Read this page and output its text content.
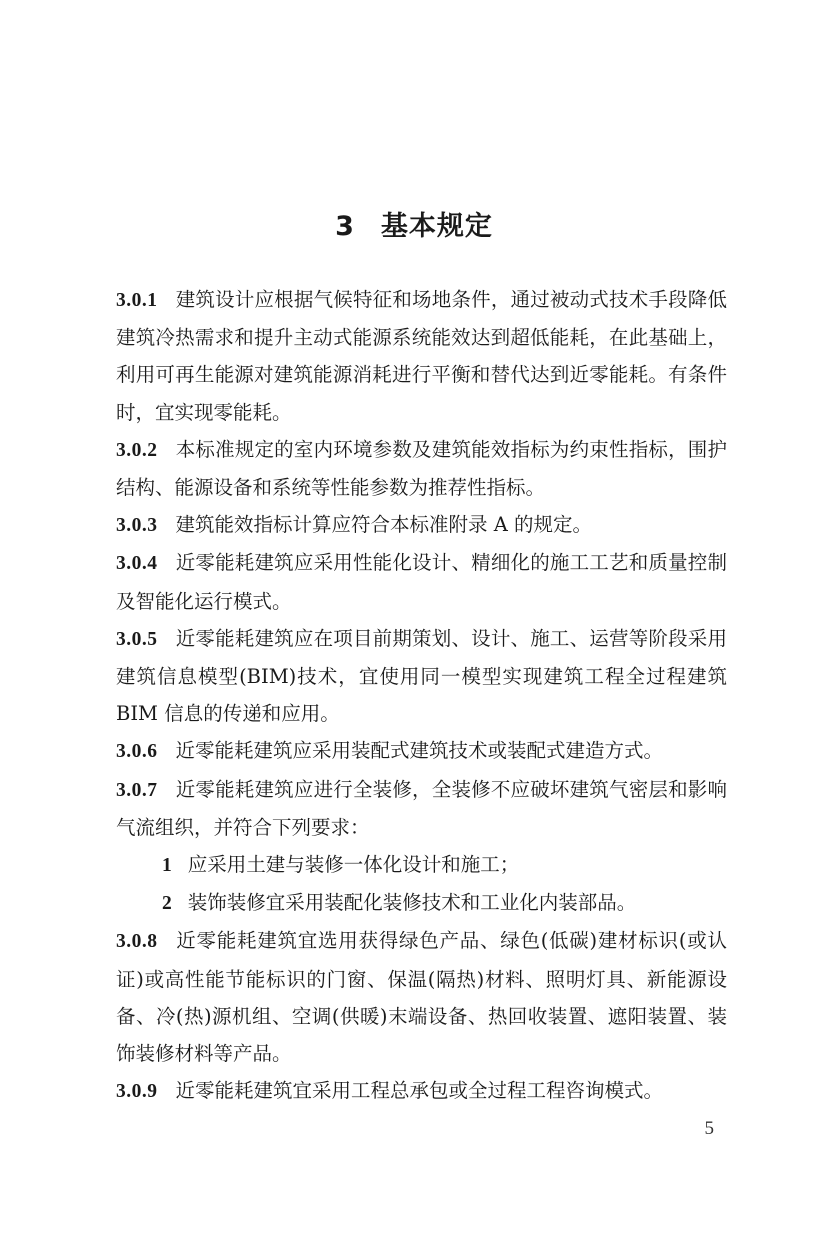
3 基本规定

3.0.1 建筑设计应根据气候特征和场地条件，通过被动式技术手段降低建筑冷热需求和提升主动式能源系统能效达到超低能耗，在此基础上，利用可再生能源对建筑能源消耗进行平衡和替代达到近零能耗。有条件时，宜实现零能耗。

3.0.2 本标准规定的室内环境参数及建筑能效指标为约束性指标，围护结构、能源设备和系统等性能参数为推荐性指标。

3.0.3 建筑能效指标计算应符合本标准附录 A 的规定。

3.0.4 近零能耗建筑应采用性能化设计、精细化的施工工艺和质量控制及智能化运行模式。

3.0.5 近零能耗建筑应在项目前期策划、设计、施工、运营等阶段采用建筑信息模型(BIM)技术，宜使用同一模型实现建筑工程全过程建筑 BIM 信息的传递和应用。

3.0.6 近零能耗建筑应采用装配式建筑技术或装配式建造方式。

3.0.7 近零能耗建筑应进行全装修，全装修不应破坏建筑气密层和影响气流组织，并符合下列要求：

1 应采用土建与装修一体化设计和施工；

2 装饰装修宜采用装配化装修技术和工业化内装部品。

3.0.8 近零能耗建筑宜选用获得绿色产品、绿色(低碳)建材标识(或认证)或高性能节能标识的门窗、保温(隔热)材料、照明灯具、新能源设备、冷(热)源机组、空调(供暖)末端设备、热回收装置、遮阳装置、装饰装修材料等产品。

3.0.9 近零能耗建筑宜采用工程总承包或全过程工程咨询模式。

5
